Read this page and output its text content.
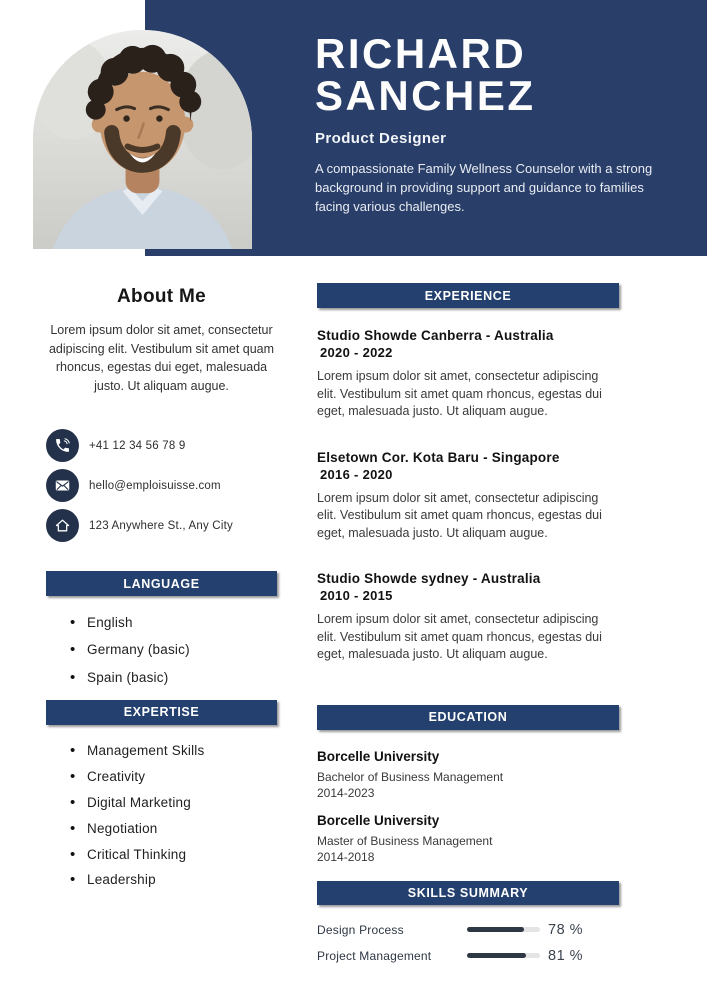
RICHARD
SANCHEZ
Product Designer

A compassionate Family Wellness Counselor with a strong background in providing support and guidance to families facing various challenges.

About Me

Lorem ipsum dolor sit amet, consectetur adipiscing elit. Vestibulum sit amet quam rhoncus, egestas dui eget, malesuada justo. Ut aliquam augue.

+41 12 34 56 78 9
hello@emploisuisse.com
123 Anywhere St., Any City
LANGUAGE
• English
• Germany (basic)
• Spain (basic)
EXPERTISE
• Management Skills
• Creativity
• Digital Marketing
• Negotiation
• Critical Thinking
• Leadership
EXPERIENCE
Studio Showde Canberra - Australia
2020 - 2022

Lorem ipsum dolor sit amet, consectetur adipiscing elit. Vestibulum sit amet quam rhoncus, egestas dui eget, malesuada justo. Ut aliquam augue.

Elsetown Cor. Kota Baru - Singapore
2016 - 2020

Lorem ipsum dolor sit amet, consectetur adipiscing elit. Vestibulum sit amet quam rhoncus, egestas dui eget, malesuada justo. Ut aliquam augue.

Studio Showde sydney - Australia
2010 - 2015

Lorem ipsum dolor sit amet, consectetur adipiscing elit. Vestibulum sit amet quam rhoncus, egestas dui eget, malesuada justo. Ut aliquam augue.

EDUCATION
Borcelle University
Bachelor of Business Management
2014-2023
Borcelle University
Master of Business Management
2014-2018
SKILLS SUMMARY
Design Process	78 %
Project Management	81 %
